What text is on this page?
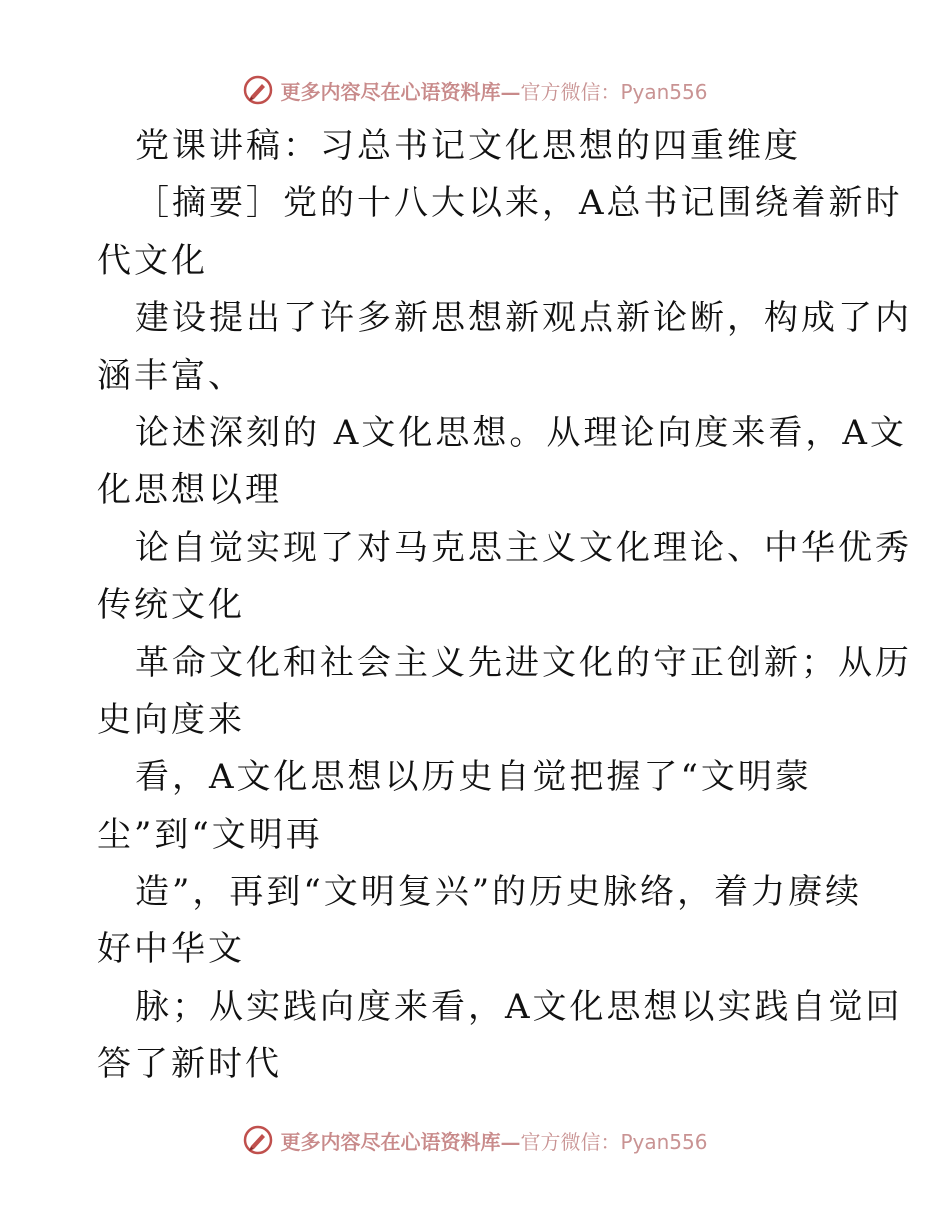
更多内容尽在心语资料库—官方微信：Pyan556
党课讲稿：习总书记文化思想的四重维度
［摘要］党的十八大以来，A总书记围绕着新时
代文化
建设提出了许多新思想新观点新论断，构成了内
涵丰富、
论述深刻的 A文化思想。从理论向度来看，A文
化思想以理
论自觉实现了对马克思主义文化理论、中华优秀
传统文化
革命文化和社会主义先进文化的守正创新；从历
史向度来
看，A文化思想以历史自觉把握了“文明蒙
尘”到“文明再
造”，再到“文明复兴”的历史脉络，着力赓续
好中华文
脉；从实践向度来看，A文化思想以实践自觉回
答了新时代
更多内容尽在心语资料库—官方微信：Pyan556
